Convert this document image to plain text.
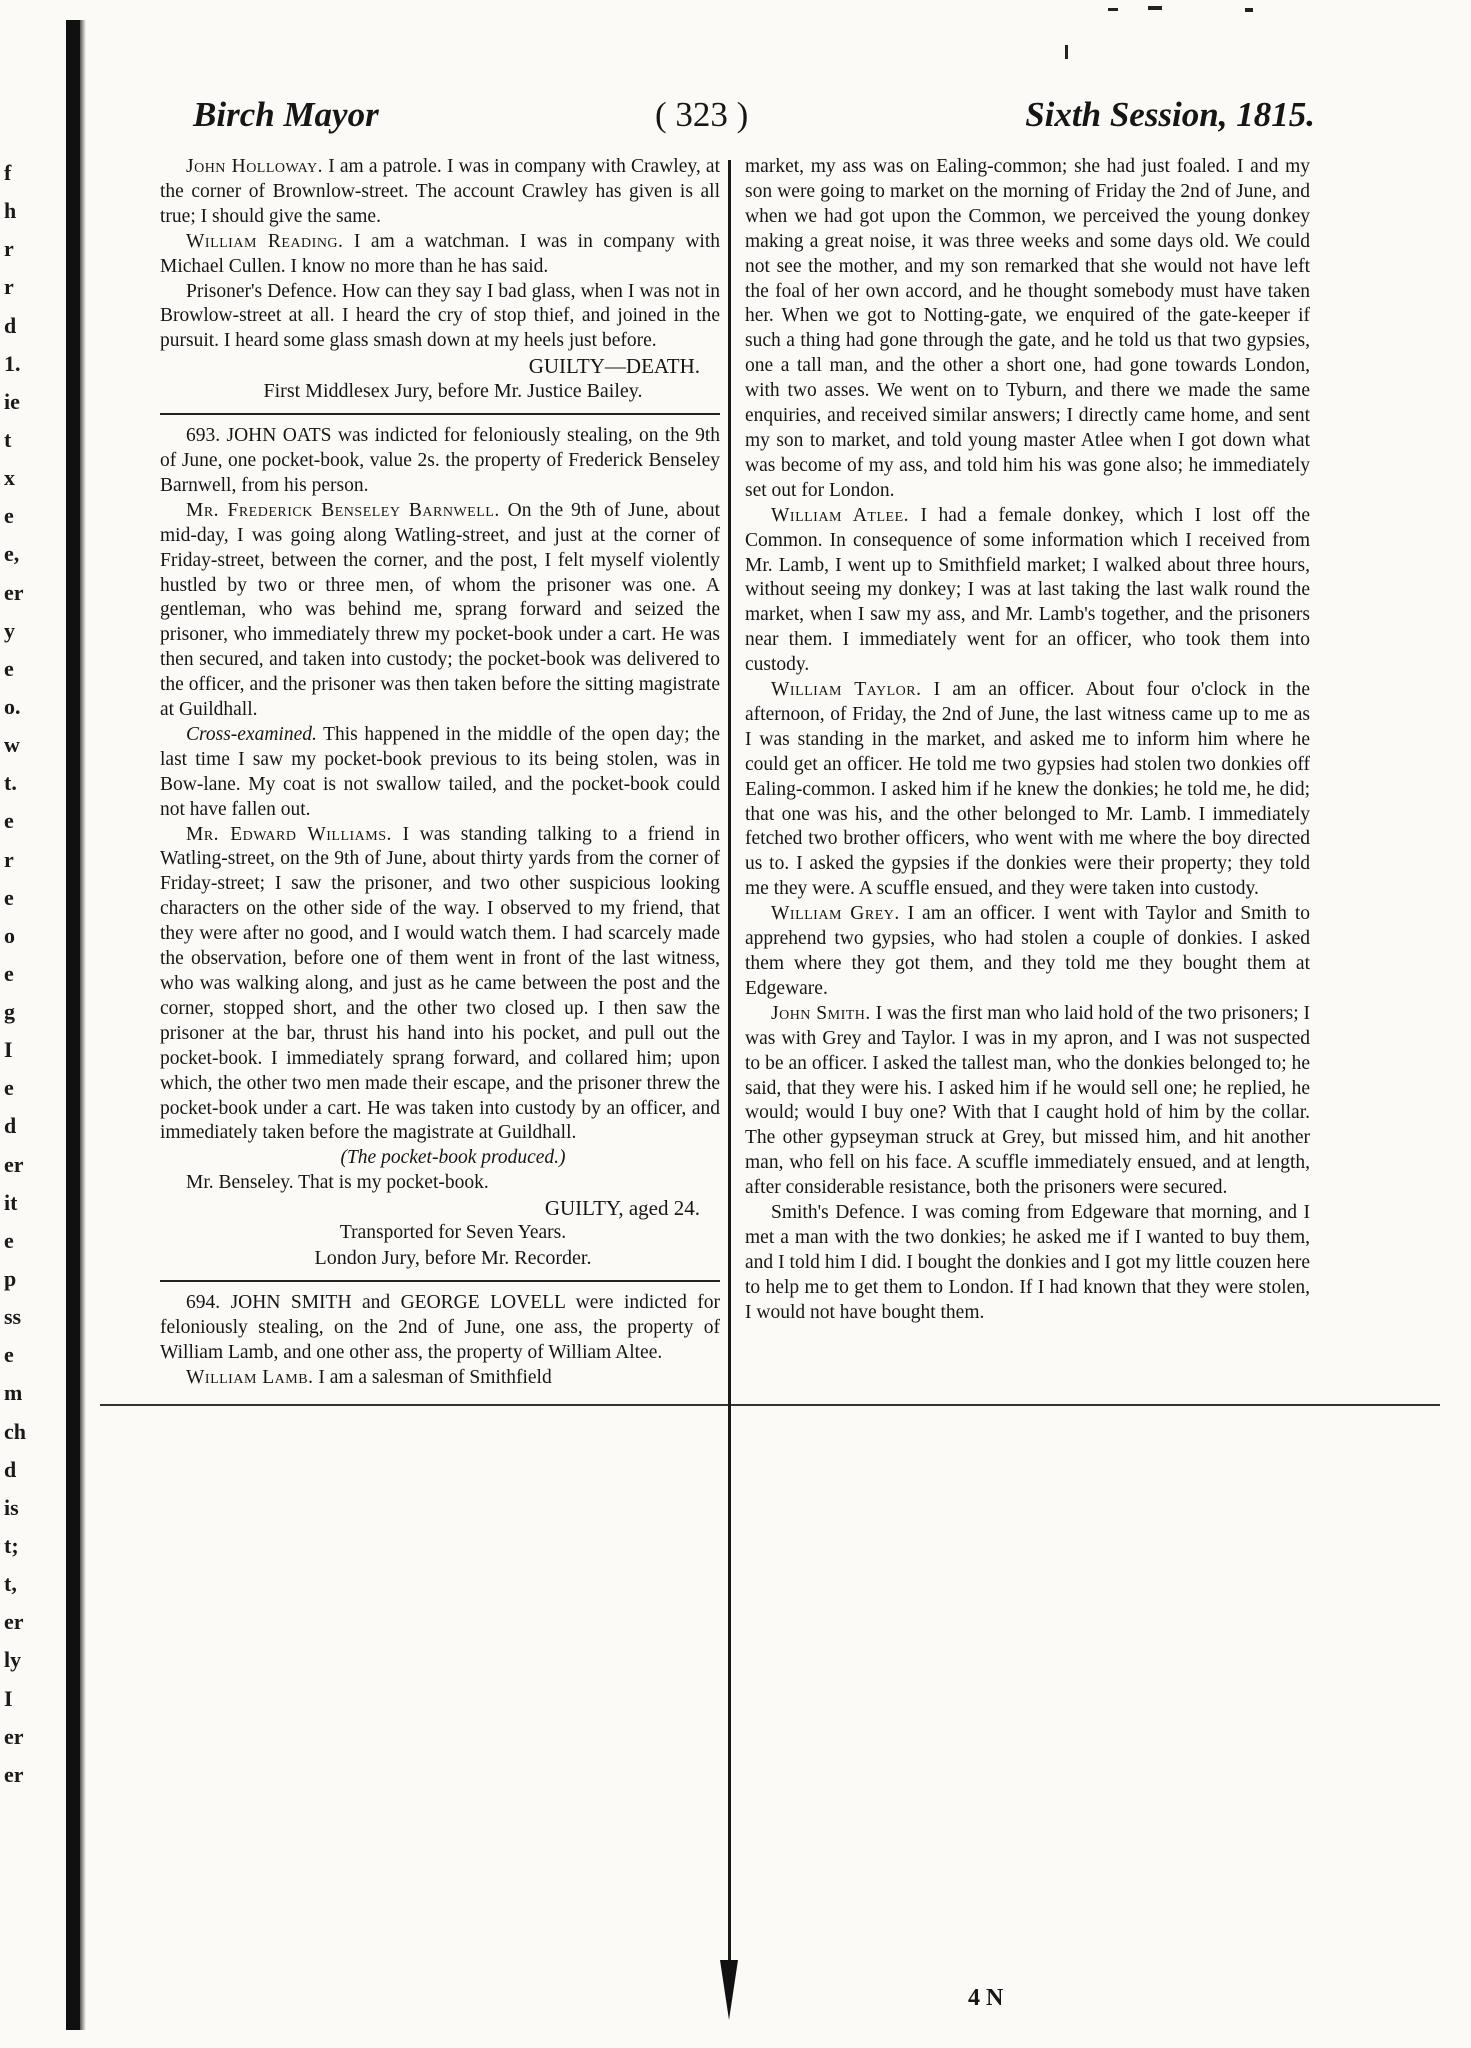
f
h
r
r
d
1.
ie
t
x
e
e,
er
y
e
o.
w
t.
e
r
e
o
e
g
I
e
d
er
it
e
p
ss
e
m
ch
d
is
t;
t,
er
ly
I
er
er
Birch Mayor	( 323 )	Sixth Session, 1815.

John Holloway. I am a patrole. I was in company with Crawley, at the corner of Brownlow-street. The account Crawley has given is all true; I should give the same.

William Reading. I am a watchman. I was in company with Michael Cullen. I know no more than he has said.

Prisoner's Defence. How can they say I bad glass, when I was not in Browlow-street at all. I heard the cry of stop thief, and joined in the pursuit. I heard some glass smash down at my heels just before.

GUILTY—DEATH.

First Middlesex Jury, before Mr. Justice Bailey.

693. JOHN OATS was indicted for feloniously stealing, on the 9th of June, one pocket-book, value 2s. the property of Frederick Benseley Barnwell, from his person.

Mr. Frederick Benseley Barnwell. On the 9th of June, about mid-day, I was going along Watling-street, and just at the corner of Friday-street, between the corner, and the post, I felt myself violently hustled by two or three men, of whom the prisoner was one. A gentleman, who was behind me, sprang forward and seized the prisoner, who immediately threw my pocket-book under a cart. He was then secured, and taken into custody; the pocket-book was delivered to the officer, and the prisoner was then taken before the sitting magistrate at Guildhall.

Cross-examined. This happened in the middle of the open day; the last time I saw my pocket-book previous to its being stolen, was in Bow-lane. My coat is not swallow tailed, and the pocket-book could not have fallen out.

Mr. Edward Williams. I was standing talking to a friend in Watling-street, on the 9th of June, about thirty yards from the corner of Friday-street; I saw the prisoner, and two other suspicious looking characters on the other side of the way. I observed to my friend, that they were after no good, and I would watch them. I had scarcely made the observation, before one of them went in front of the last witness, who was walking along, and just as he came between the post and the corner, stopped short, and the other two closed up. I then saw the prisoner at the bar, thrust his hand into his pocket, and pull out the pocket-book. I immediately sprang forward, and collared him; upon which, the other two men made their escape, and the prisoner threw the pocket-book under a cart. He was taken into custody by an officer, and immediately taken before the magistrate at Guildhall.

(The pocket-book produced.)

Mr. Benseley. That is my pocket-book.

GUILTY, aged 24.

Transported for Seven Years.

London Jury, before Mr. Recorder.

694. JOHN SMITH and GEORGE LOVELL were indicted for feloniously stealing, on the 2nd of June, one ass, the property of William Lamb, and one other ass, the property of William Altee.

William Lamb. I am a salesman of Smithfield

market, my ass was on Ealing-common; she had just foaled. I and my son were going to market on the morning of Friday the 2nd of June, and when we had got upon the Common, we perceived the young donkey making a great noise, it was three weeks and some days old. We could not see the mother, and my son remarked that she would not have left the foal of her own accord, and he thought somebody must have taken her. When we got to Notting-gate, we enquired of the gate-keeper if such a thing had gone through the gate, and he told us that two gypsies, one a tall man, and the other a short one, had gone towards London, with two asses. We went on to Tyburn, and there we made the same enquiries, and received similar answers; I directly came home, and sent my son to market, and told young master Atlee when I got down what was become of my ass, and told him his was gone also; he immediately set out for London.

William Atlee. I had a female donkey, which I lost off the Common. In consequence of some information which I received from Mr. Lamb, I went up to Smithfield market; I walked about three hours, without seeing my donkey; I was at last taking the last walk round the market, when I saw my ass, and Mr. Lamb's together, and the prisoners near them. I immediately went for an officer, who took them into custody.

William Taylor. I am an officer. About four o'clock in the afternoon, of Friday, the 2nd of June, the last witness came up to me as I was standing in the market, and asked me to inform him where he could get an officer. He told me two gypsies had stolen two donkies off Ealing-common. I asked him if he knew the donkies; he told me, he did; that one was his, and the other belonged to Mr. Lamb. I immediately fetched two brother officers, who went with me where the boy directed us to. I asked the gypsies if the donkies were their property; they told me they were. A scuffle ensued, and they were taken into custody.

William Grey. I am an officer. I went with Taylor and Smith to apprehend two gypsies, who had stolen a couple of donkies. I asked them where they got them, and they told me they bought them at Edgeware.

John Smith. I was the first man who laid hold of the two prisoners; I was with Grey and Taylor. I was in my apron, and I was not suspected to be an officer. I asked the tallest man, who the donkies belonged to; he said, that they were his. I asked him if he would sell one; he replied, he would; would I buy one? With that I caught hold of him by the collar. The other gypseyman struck at Grey, but missed him, and hit another man, who fell on his face. A scuffle immediately ensued, and at length, after considerable resistance, both the prisoners were secured.

Smith's Defence. I was coming from Edgeware that morning, and I met a man with the two donkies; he asked me if I wanted to buy them, and I told him I did. I bought the donkies and I got my little couzen here to help me to get them to London. If I had known that they were stolen, I would not have bought them.

4 N
